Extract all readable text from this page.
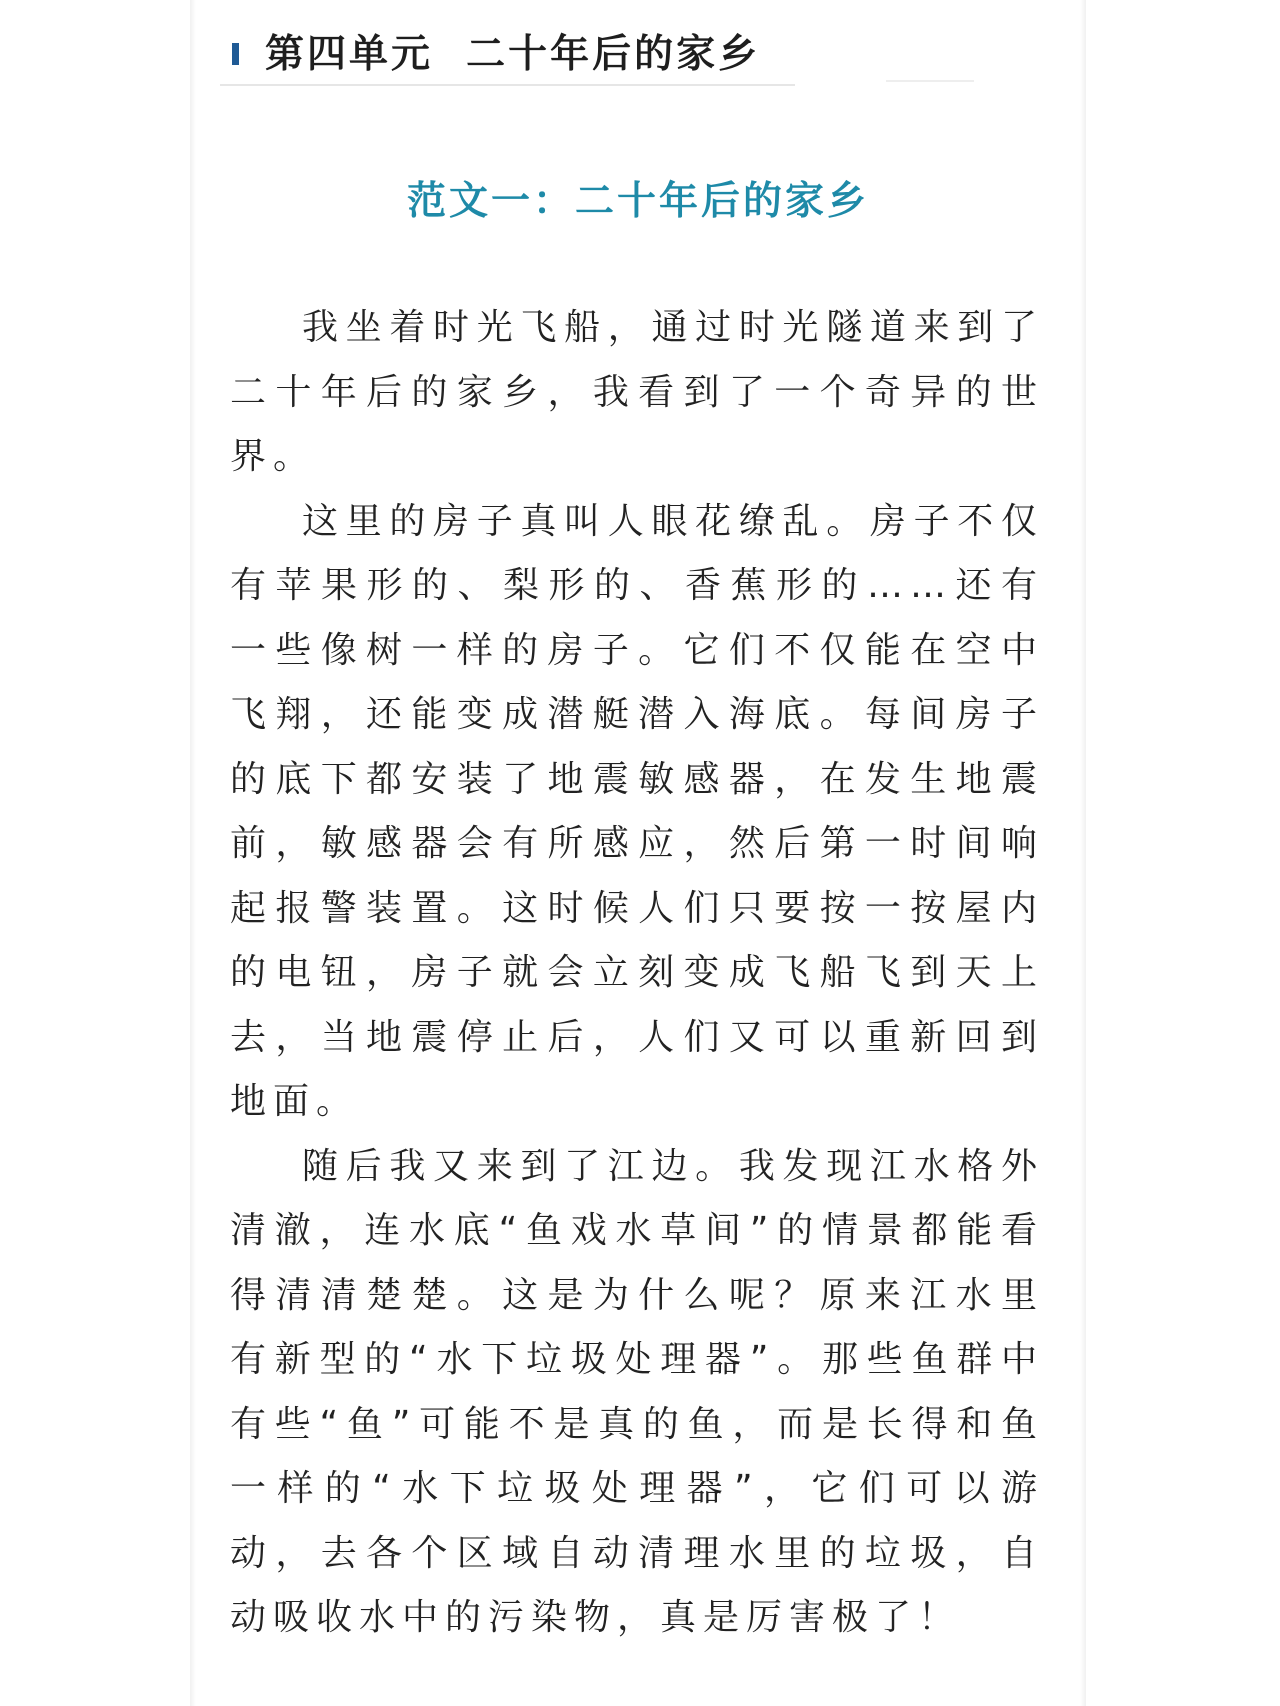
第四单元  二十年后的家乡
范文一：二十年后的家乡

我坐着时光飞船，通过时光隧道来到了二十年后的家乡，我看到了一个奇异的世界。

这里的房子真叫人眼花缭乱。房子不仅有苹果形的、梨形的、香蕉形的……还有一些像树一样的房子。它们不仅能在空中飞翔，还能变成潜艇潜入海底。每间房子的底下都安装了地震敏感器，在发生地震前，敏感器会有所感应，然后第一时间响起报警装置。这时候人们只要按一按屋内的电钮，房子就会立刻变成飞船飞到天上去，当地震停止后，人们又可以重新回到地面。

随后我又来到了江边。我发现江水格外清澈，连水底“鱼戏水草间”的情景都能看得清清楚楚。这是为什么呢？原来江水里有新型的“水下垃圾处理器”。那些鱼群中有些“鱼”可能不是真的鱼，而是长得和鱼一样的“水下垃圾处理器”，它们可以游动，去各个区域自动清理水里的垃圾，自动吸收水中的污染物，真是厉害极了！
